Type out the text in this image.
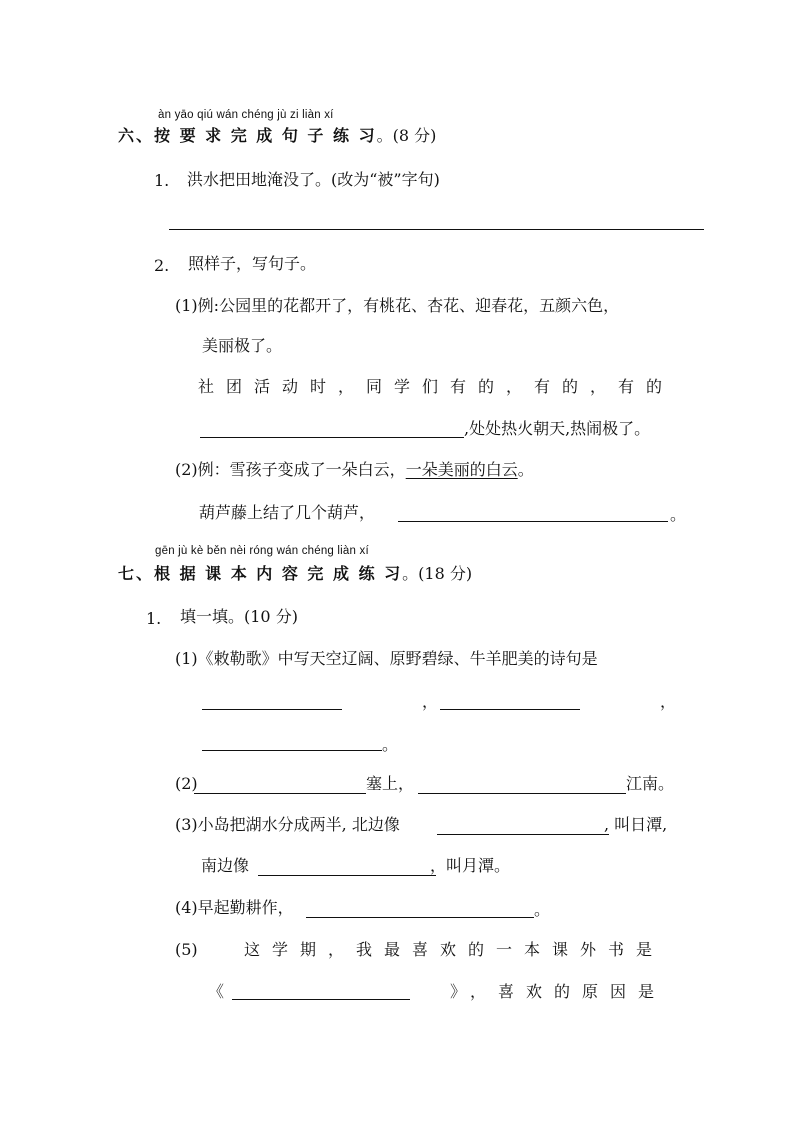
àn yāo qiú wán chéng jù zi liàn xí
六、按 要 求 完 成 句 子 练 习。(8 分)
1. 洪水把田地淹没了。(改为“被”字句)
2. 照样子，写句子。
(1)例:公园里的花都开了，有桃花、杏花、迎春花，五颜六色，
美丽极了。
社团活动时，同学们有的，有的，有的
,处处热火朝天,热闹极了。
(2)例：雪孩子变成了一朵白云，一朵美丽的白云。
葫芦藤上结了几个葫芦，	。
gēn jù kè běn nèi róng wán chéng liàn xí
七、根 据 课 本 内 容 完 成 练 习。(18 分)
1. 填一填。(10 分)
(1)《敕勒歌》中写天空辽阔、原野碧绿、牛羊肥美的诗句是
，	，
。
(2)	塞上，	江南。
(3)小岛把湖水分成两半, 北边像	, 叫日潭,
南边像	，叫月潭。
(4)早起勤耕作，	。
(5)	这学期，我最喜欢的一本课外书是
《	》，喜欢的原因是
